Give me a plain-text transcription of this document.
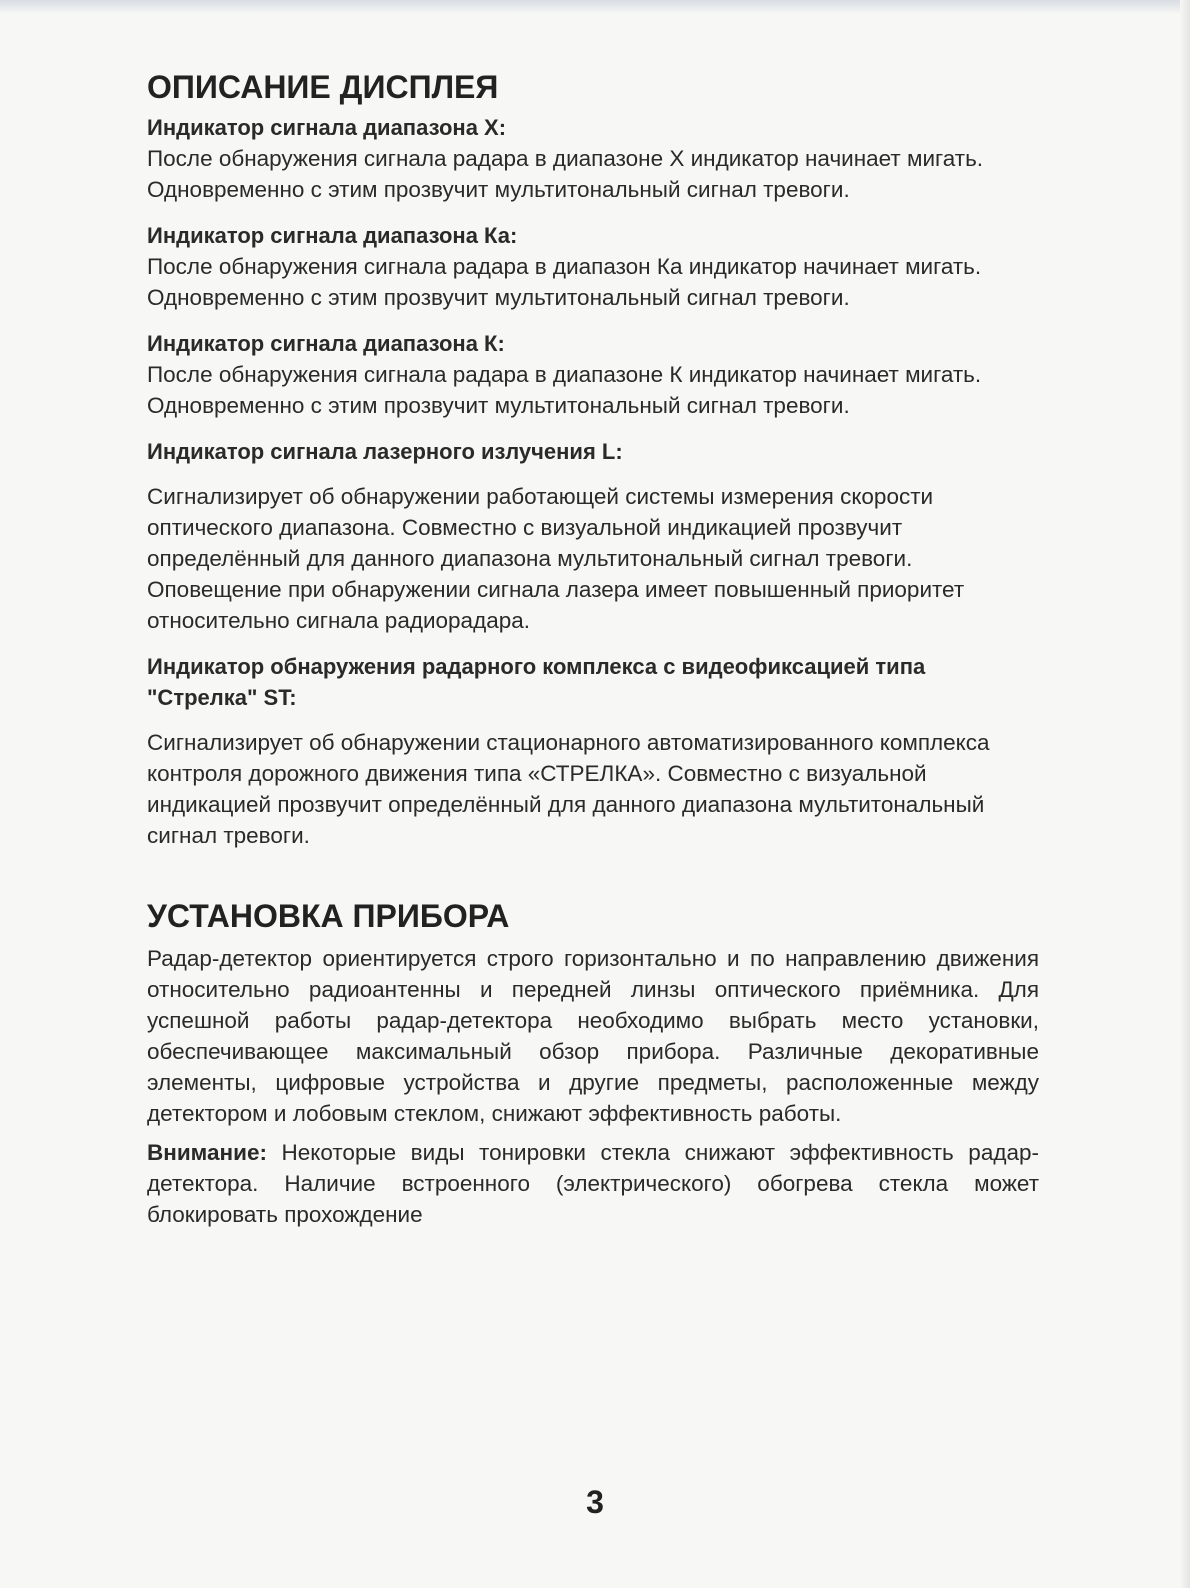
ОПИСАНИЕ ДИСПЛЕЯ

Индикатор сигнала диапазона X:

После обнаружения сигнала радара в диапазоне X индикатор начинает мигать. Одновременно с этим прозвучит мультитональный сигнал тревоги.

Индикатор сигнала диапазона Ка:

После обнаружения сигнала радара в диапазон Ка индикатор начинает мигать. Одновременно с этим прозвучит мультитональный сигнал тревоги.

Индикатор сигнала диапазона К:

После обнаружения сигнала радара в диапазоне К индикатор начинает мигать. Одновременно с этим прозвучит мультитональный сигнал тревоги.

Индикатор сигнала лазерного излучения L:

Сигнализирует об обнаружении работающей системы измерения скорости оптического диапазона. Совместно с визуальной индикацией прозвучит определённый для данного диапазона мультитональный сигнал тревоги. Оповещение при обнаружении сигнала лазера имеет повышенный приоритет относительно сигнала радиорадара.

Индикатор обнаружения радарного комплекса с видеофиксацией типа "Стрелка" ST:

Сигнализирует об обнаружении стационарного автоматизированного комплекса контроля дорожного движения типа «СТРЕЛКА». Совместно с визуальной индикацией прозвучит определённый для данного диапазона мультитональный сигнал тревоги.

УСТАНОВКА ПРИБОРА

Радар-детектор ориентируется строго горизонтально и по направлению движения относительно радиоантенны и передней линзы оптического приёмника. Для успешной работы радар-детектора необходимо выбрать место установки, обеспечивающее максимальный обзор прибора. Различные декоративные элементы, цифровые устройства и другие предметы, расположенные между детектором и лобовым стеклом, снижают эффективность работы.

Внимание: Некоторые виды тонировки стекла снижают эффективность радар- детектора. Наличие встроенного (электрического) обогрева стекла может блокировать прохождение

3
